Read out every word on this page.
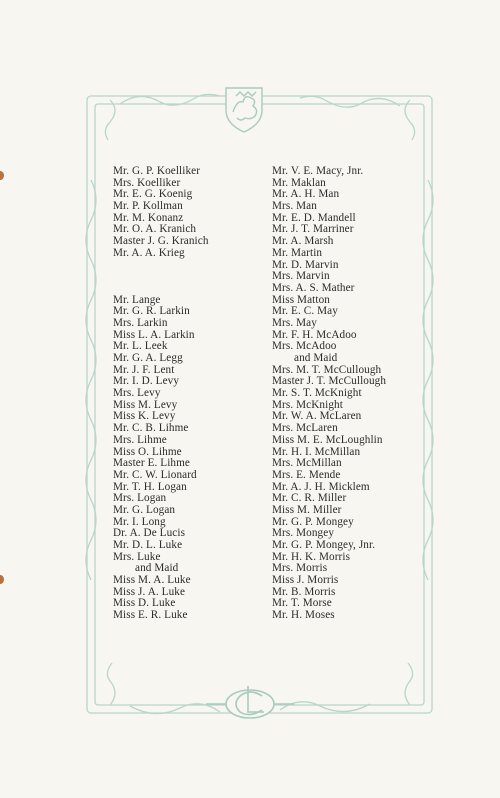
Mr. G. P. Koelliker
Mrs. Koelliker
Mr. E. G. Koenig
Mr. P. Kollman
Mr. M. Konanz
Mr. O. A. Kranich
Master J. G. Kranich
Mr. A. A. Krieg
Mr. Lange
Mr. G. R. Larkin
Mrs. Larkin
Miss L. A. Larkin
Mr. L. Leek
Mr. G. A. Legg
Mr. J. F. Lent
Mr. I. D. Levy
Mrs. Levy
Miss M. Levy
Miss K. Levy
Mr. C. B. Lihme
Mrs. Lihme
Miss O. Lihme
Master E. Lihme
Mr. C. W. Lionard
Mr. T. H. Logan
Mrs. Logan
Mr. G. Logan
Mr. I. Long
Dr. A. De Lucis
Mr. D. L. Luke
Mrs. Luke
and Maid
Miss M. A. Luke
Miss J. A. Luke
Miss D. Luke
Miss E. R. Luke
Mr. V. E. Macy, Jnr.
Mr. Maklan
Mr. A. H. Man
Mrs. Man
Mr. E. D. Mandell
Mr. J. T. Marriner
Mr. A. Marsh
Mr. Martin
Mr. D. Marvin
Mrs. Marvin
Mrs. A. S. Mather
Miss Matton
Mr. E. C. May
Mrs. May
Mr. F. H. McAdoo
Mrs. McAdoo
and Maid
Mrs. M. T. McCullough
Master J. T. McCullough
Mr. S. T. McKnight
Mrs. McKnight
Mr. W. A. McLaren
Mrs. McLaren
Miss M. E. McLoughlin
Mr. H. I. McMillan
Mrs. McMillan
Mrs. E. Mende
Mr. A. J. H. Micklem
Mr. C. R. Miller
Miss M. Miller
Mr. G. P. Mongey
Mrs. Mongey
Mr. G. P. Mongey, Jnr.
Mr. H. K. Morris
Mrs. Morris
Miss J. Morris
Mr. B. Morris
Mr. T. Morse
Mr. H. Moses
